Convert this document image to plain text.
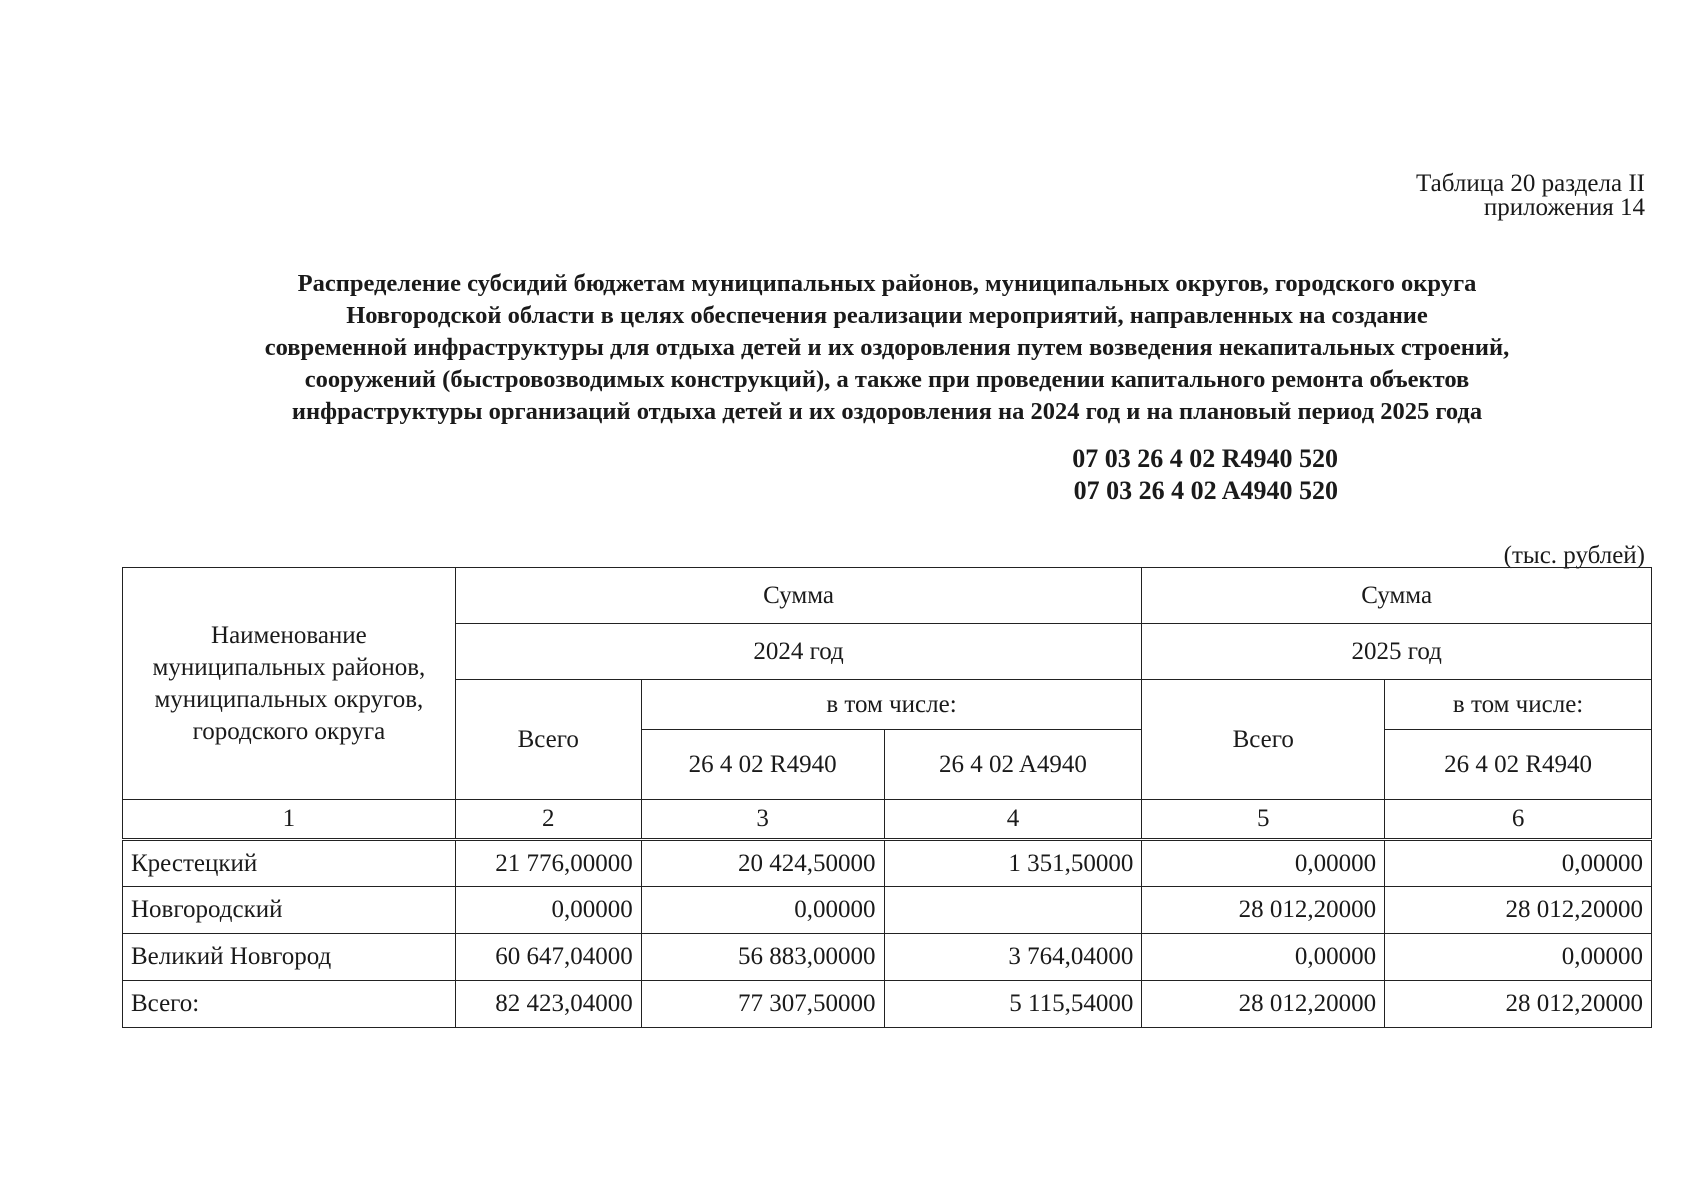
Таблица 20 раздела II
приложения 14
Распределение субсидий бюджетам муниципальных районов, муниципальных округов, городского округа
Новгородской области в целях обеспечения реализации мероприятий, направленных на создание
современной инфраструктуры для отдыха детей и их оздоровления путем возведения некапитальных строений,
сооружений (быстровозводимых конструкций), а также при проведении капитального ремонта объектов
инфраструктуры организаций отдыха детей и их оздоровления на 2024 год и на плановый период 2025 года
07 03 26 4 02 R4940 520
07 03 26 4 02 A4940 520
(тыс. рублей)
Наименование муниципальных районов, муниципальных округов, городского округа	Сумма			Сумма	
	2024 год			2025 год	
	Всего	в том числе:		Всего	в том числе:
		26 4 02 R4940	26 4 02 A4940		26 4 02 R4940
1	2	3	4	5	6
Крестецкий	21 776,00000	20 424,50000	1 351,50000	0,00000	0,00000
Новгородский	0,00000	0,00000		28 012,20000	28 012,20000
Великий Новгород	60 647,04000	56 883,00000	3 764,04000	0,00000	0,00000
Всего:	82 423,04000	77 307,50000	5 115,54000	28 012,20000	28 012,20000
